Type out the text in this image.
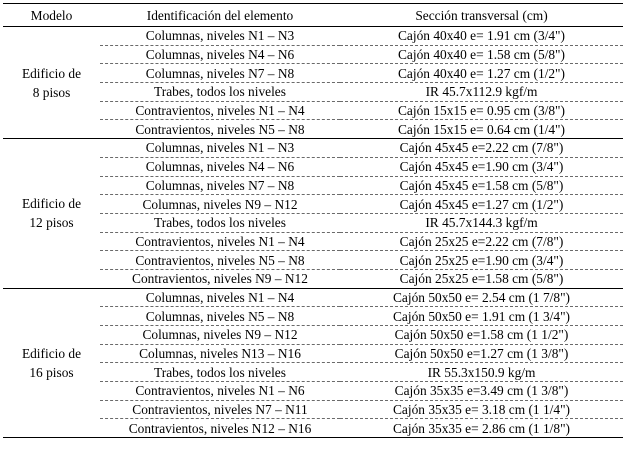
Modelo	Identificación del elemento	Sección transversal (cm)

Edificio de
8 pisos	Columnas, niveles N1 – N3	Cajón 40x40 e= 1.91 cm (3/4")
	Columnas, niveles N4 – N6	Cajón 40x40 e= 1.58 cm (5/8")
	Columnas, niveles N7 – N8	Cajón 40x40 e= 1.27 cm (1/2")
	Trabes, todos los niveles	IR 45.7x112.9 kgf/m
	Contravientos, niveles N1 – N4	Cajón 15x15 e= 0.95 cm (3/8")
	Contravientos, niveles N5 – N8	Cajón 15x15 e= 0.64 cm (1/4")

Edificio de
12 pisos	Columnas, niveles N1 – N3	Cajón 45x45 e=2.22 cm (7/8")
	Columnas, niveles N4 – N6	Cajón 45x45 e=1.90 cm (3/4")
	Columnas, niveles N7 – N8	Cajón 45x45 e=1.58 cm (5/8")
	Columnas, niveles N9 – N12	Cajón 45x45 e=1.27 cm (1/2")
	Trabes, todos los niveles	IR 45.7x144.3 kgf/m
	Contravientos, niveles N1 – N4	Cajón 25x25 e=2.22 cm (7/8")
	Contravientos, niveles N5 – N8	Cajón 25x25 e=1.90 cm (3/4")
	Contravientos, niveles N9 – N12	Cajón 25x25 e=1.58 cm (5/8")

Edificio de
16 pisos	Columnas, niveles N1 – N4	Cajón 50x50 e= 2.54 cm (1 7/8")
	Columnas, niveles N5 – N8	Cajón 50x50 e= 1.91 cm (1 3/4")
	Columnas, niveles N9 – N12	Cajón 50x50 e=1.58 cm (1 1/2")
	Columnas, niveles N13 – N16	Cajón 50x50 e=1.27 cm (1 3/8")
	Trabes, todos los niveles	IR 55.3x150.9 kg/m
	Contravientos, niveles N1 – N6	Cajón 35x35 e=3.49 cm (1 3/8")
	Contravientos, niveles N7 – N11	Cajón 35x35 e= 3.18 cm (1 1/4")
	Contravientos, niveles N12 – N16	Cajón 35x35 e= 2.86 cm (1 1/8")
